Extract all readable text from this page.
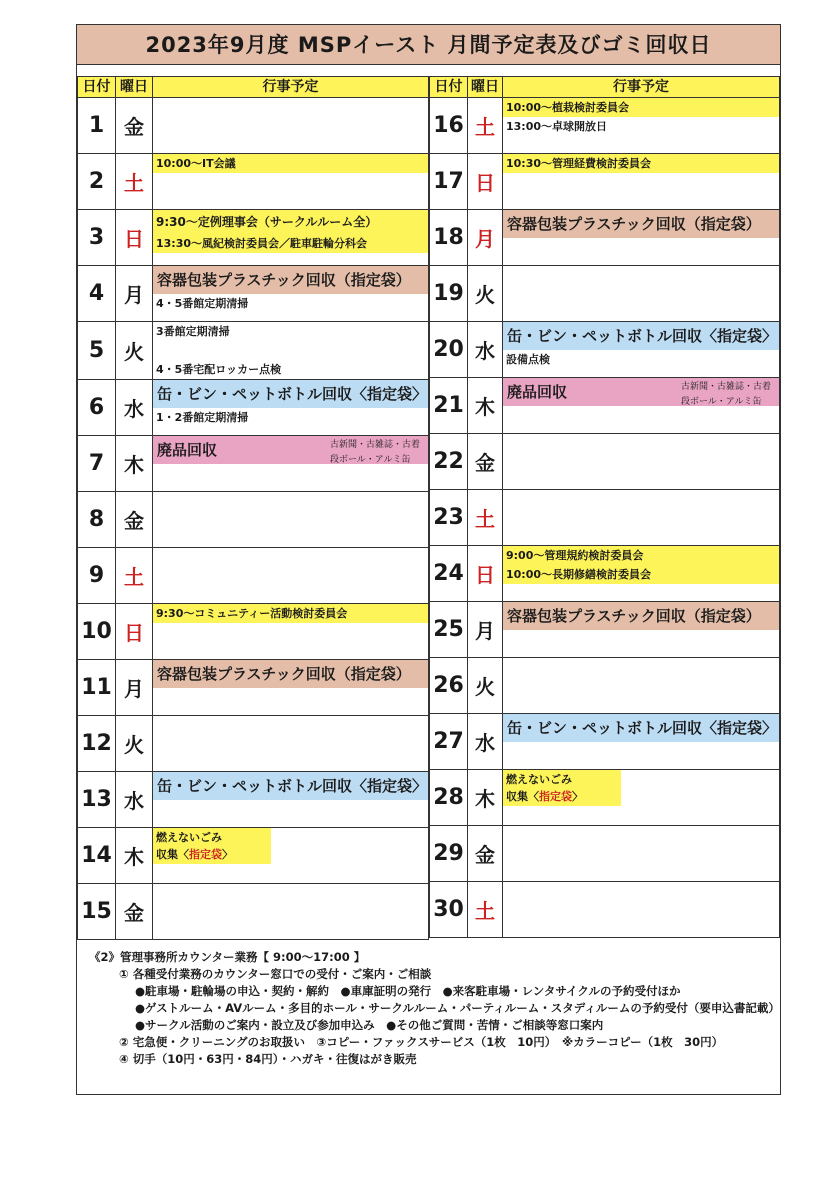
2023年9月度 MSPイースト 月間予定表及びゴミ回収日
日付	曜日	行事予定
1	金	
2	土	10:00～IT会議

3	日	9:30～定例理事会（サークルルーム全）
13:30～風紀検討委員会／駐車駐輪分科会

4	月	容器包装プラスチック回収（指定袋）
4・5番館定期清掃

5	火	3番館定期清掃

4・5番宅配ロッカー点検

6	水	缶・ビン・ペットボトル回収〈指定袋〉
1・2番館定期清掃

7	木	廃品回収 古新聞・古雑誌・古着
段ボール・アルミ缶

8	金	
9	土	
10	日	9:30～コミュニティー活動検討委員会

11	月	容器包装プラスチック回収（指定袋）

12	火	
13	水	缶・ビン・ペットボトル回収〈指定袋〉

14	木	燃えないごみ
収集〈指定袋〉

15	金	
日付	曜日	行事予定
16	土	10:00～植栽検討委員会
13:00～卓球開放日

17	日	10:30～管理経費検討委員会

18	月	容器包装プラスチック回収（指定袋）

19	火	
20	水	缶・ビン・ペットボトル回収〈指定袋〉
設備点検

21	木	廃品回収 古新聞・古雑誌・古着
段ボール・アルミ缶

22	金	
23	土	
24	日	9:00～管理規約検討委員会
10:00～長期修繕検討委員会

25	月	容器包装プラスチック回収（指定袋）

26	火	
27	水	缶・ビン・ペットボトル回収〈指定袋〉

28	木	燃えないごみ
収集〈指定袋〉

29	金	
30	土	
《2》管理事務所カウンター業務【 9:00～17:00 】
① 各種受付業務のカウンター窓口での受付・ご案内・ご相談
●駐車場・駐輪場の申込・契約・解約　●車庫証明の発行　●来客駐車場・レンタサイクルの予約受付ほか
●ゲストルーム・AVルーム・多目的ホール・サークルルーム・パーティルーム・スタディルームの予約受付（要申込書記載）
●サークル活動のご案内・設立及び参加申込み　●その他ご質問・苦情・ご相談等窓口案内
② 宅急便・クリーニングのお取扱い　③コピー・ファックスサービス（1枚　10円）　※カラーコピー（1枚　30円）
④ 切手（10円・63円・84円）・ハガキ・往復はがき販売
